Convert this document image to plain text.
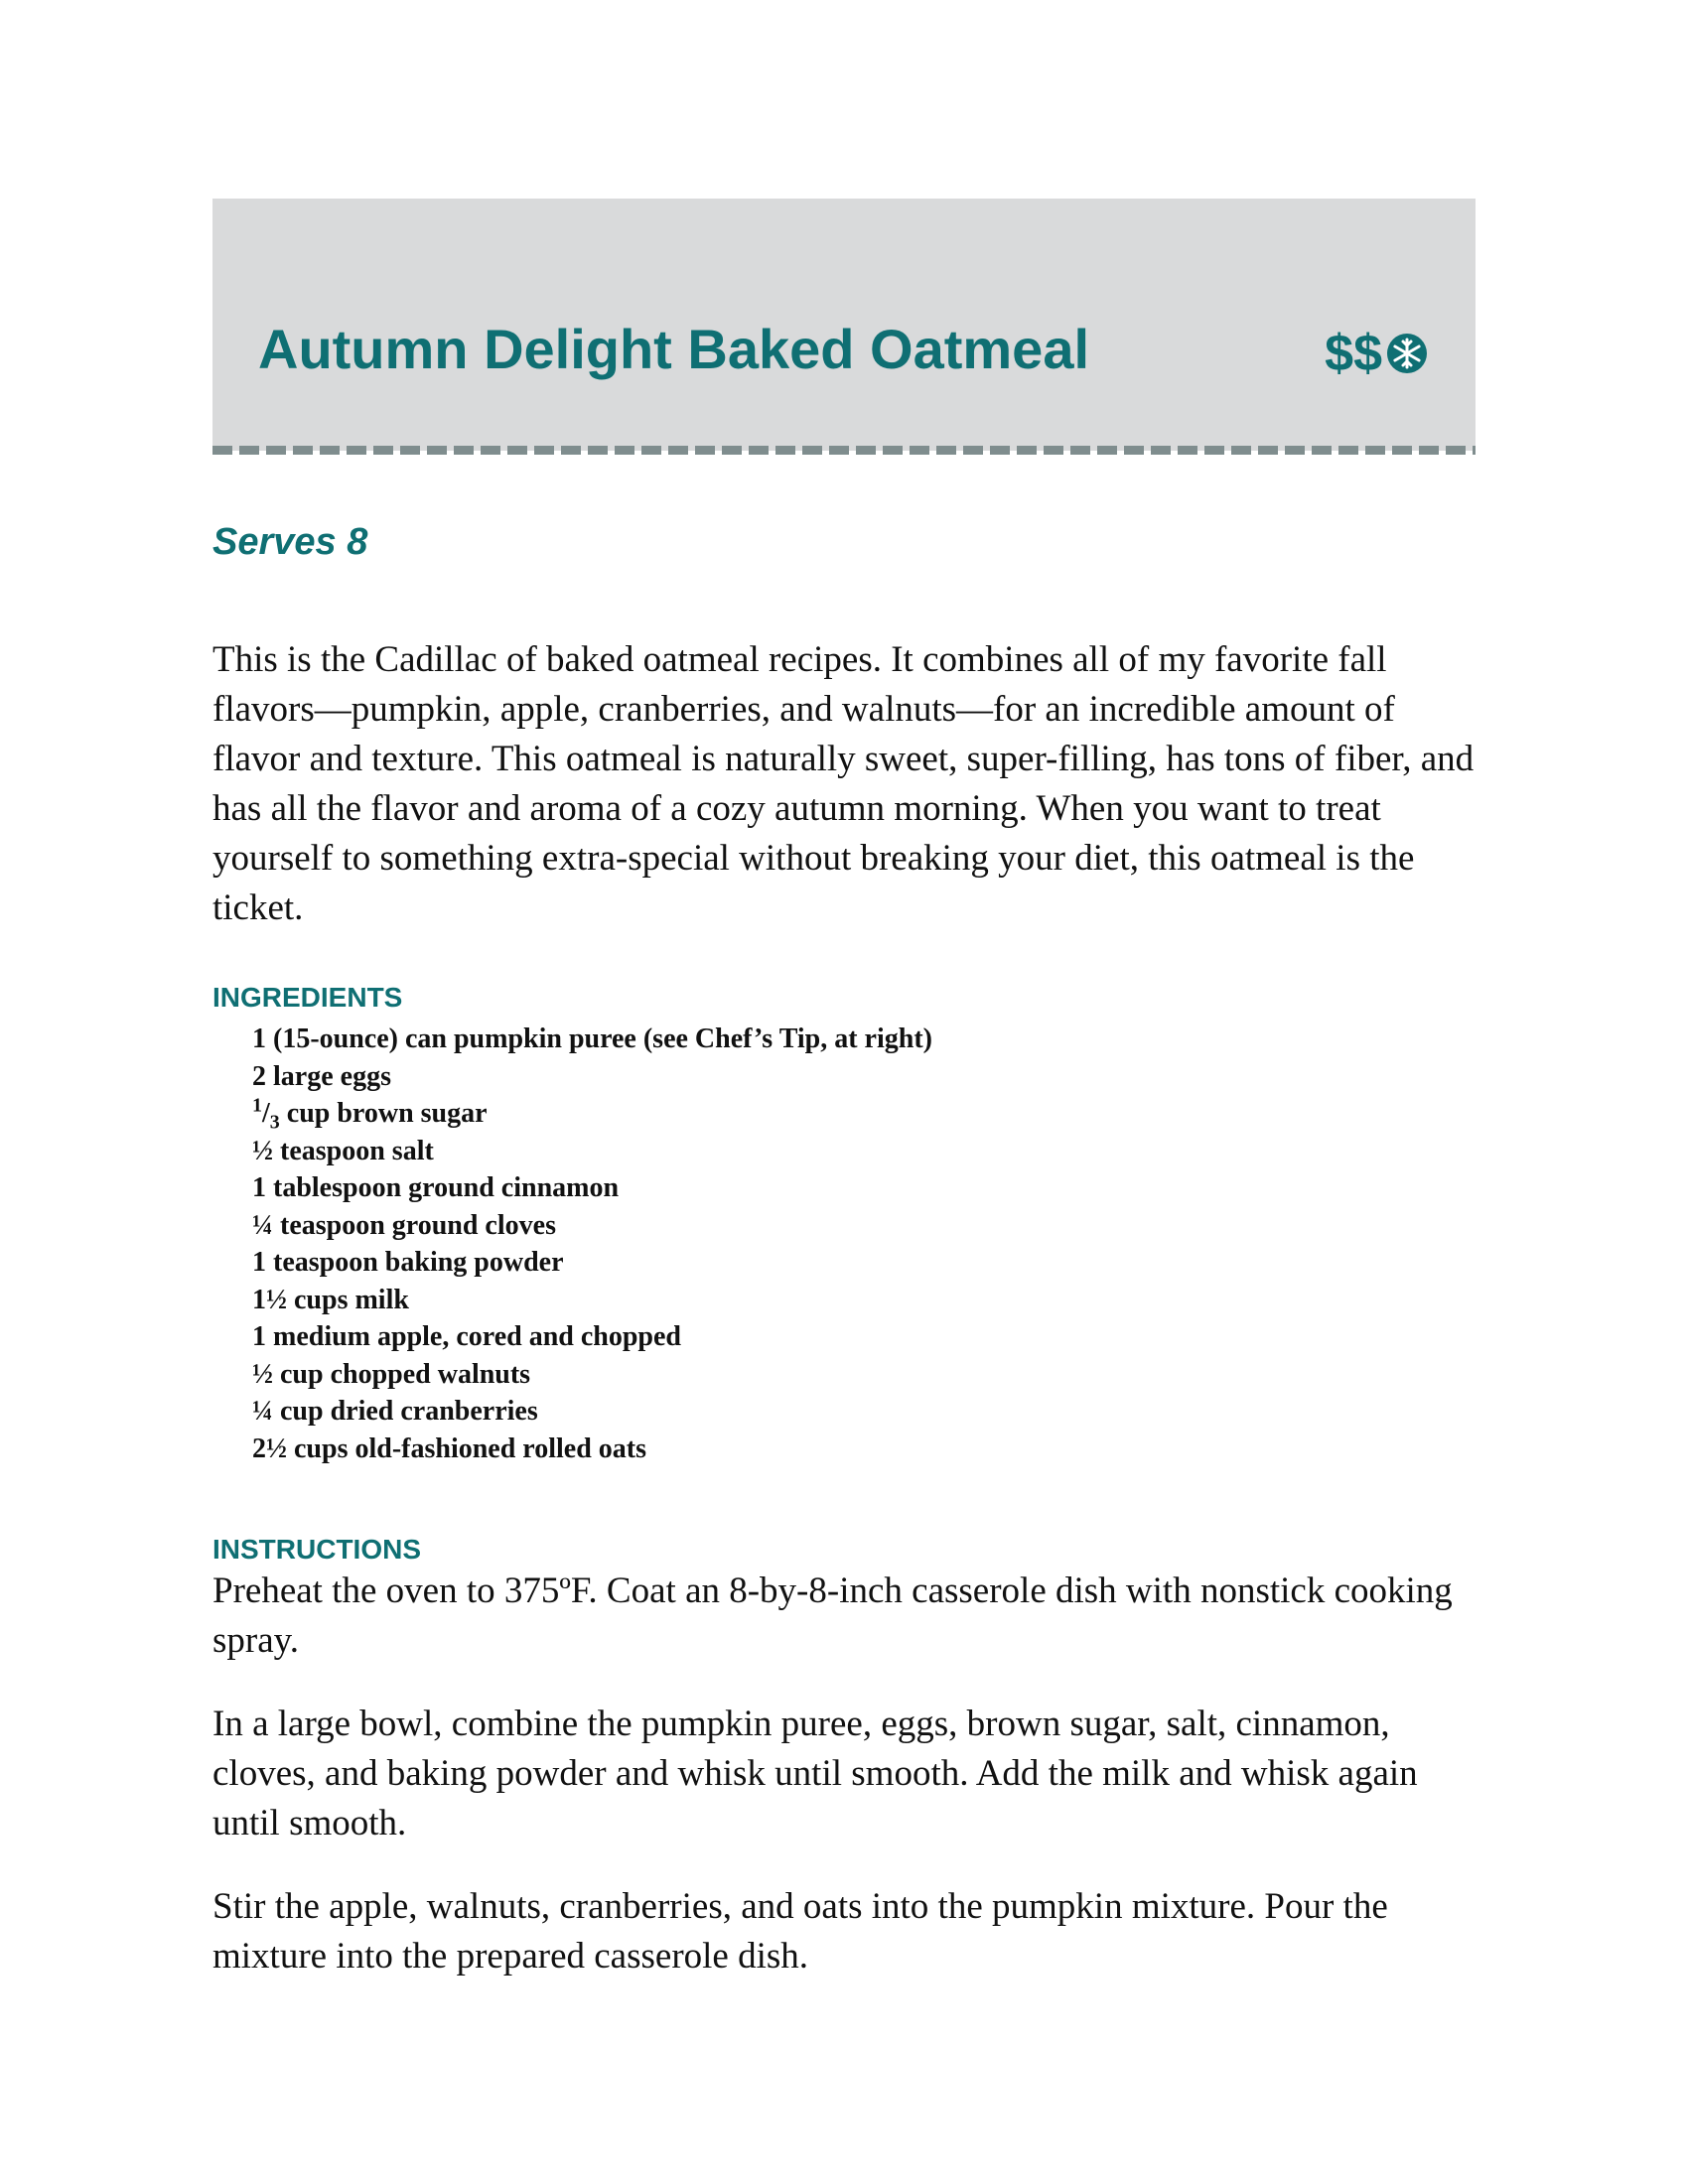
Autumn Delight Baked Oatmeal	$$

Serves 8

This is the Cadillac of baked oatmeal recipes. It combines all of my favorite fall flavors—pumpkin, apple, cranberries, and walnuts—for an incredible amount of flavor and texture. This oatmeal is naturally sweet, super-filling, has tons of fiber, and has all the flavor and aroma of a cozy autumn morning. When you want to treat yourself to something extra-special without breaking your diet, this oatmeal is the ticket.

INGREDIENTS
1 (15-ounce) can pumpkin puree (see Chef’s Tip, at right)
2 large eggs
$^1/_3$ cup brown sugar
½ teaspoon salt
1 tablespoon ground cinnamon
¼ teaspoon ground cloves
1 teaspoon baking powder
1½ cups milk
1 medium apple, cored and chopped
½ cup chopped walnuts
¼ cup dried cranberries
2½ cups old-fashioned rolled oats
INSTRUCTIONS

Preheat the oven to 375ºF. Coat an 8-by-8-inch casserole dish with nonstick cooking spray.

In a large bowl, combine the pumpkin puree, eggs, brown sugar, salt, cinnamon, cloves, and baking powder and whisk until smooth. Add the milk and whisk again until smooth.

Stir the apple, walnuts, cranberries, and oats into the pumpkin mixture. Pour the mixture into the prepared casserole dish.
